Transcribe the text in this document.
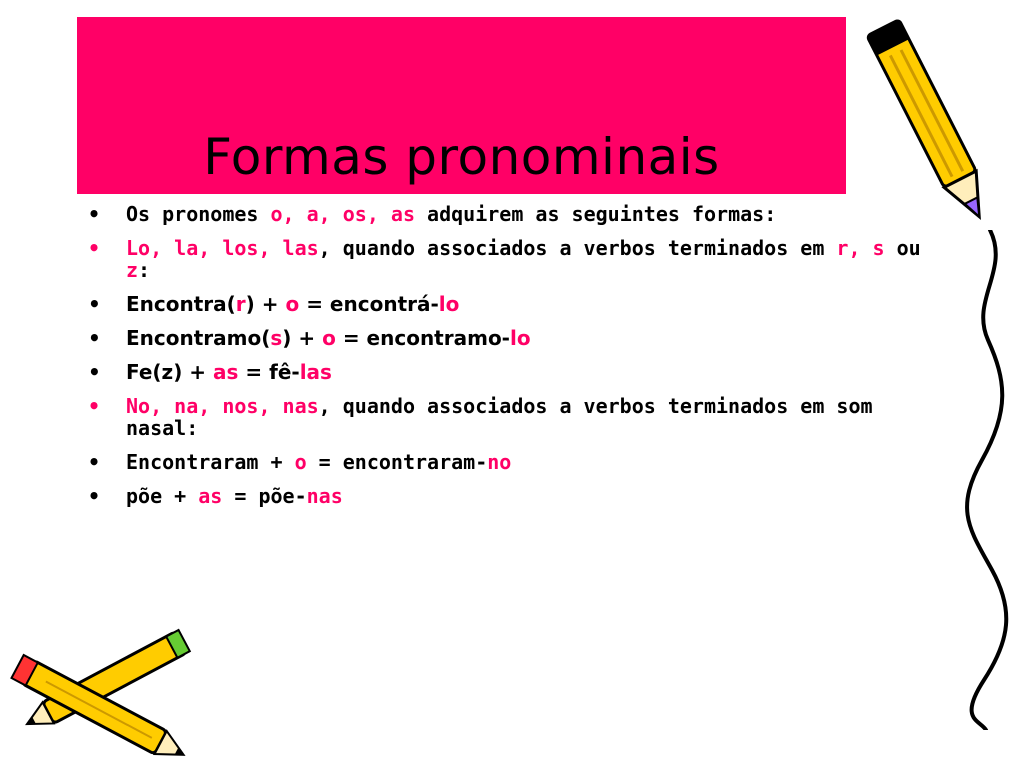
Formas pronominais
•	Os pronomes o, a, os, as adquirem as seguintes formas:
•	Lo, la, los, las, quando associados a verbos terminados em r, s ou z:
•	Encontra(r) + o = encontrá-lo
•	Encontramo(s) + o = encontramo-lo
•	Fe(z) + as = fê-las
•	No, na, nos, nas, quando associados a verbos terminados em som nasal:
•	Encontraram + o = encontraram-no
•	põe + as = põe-nas
